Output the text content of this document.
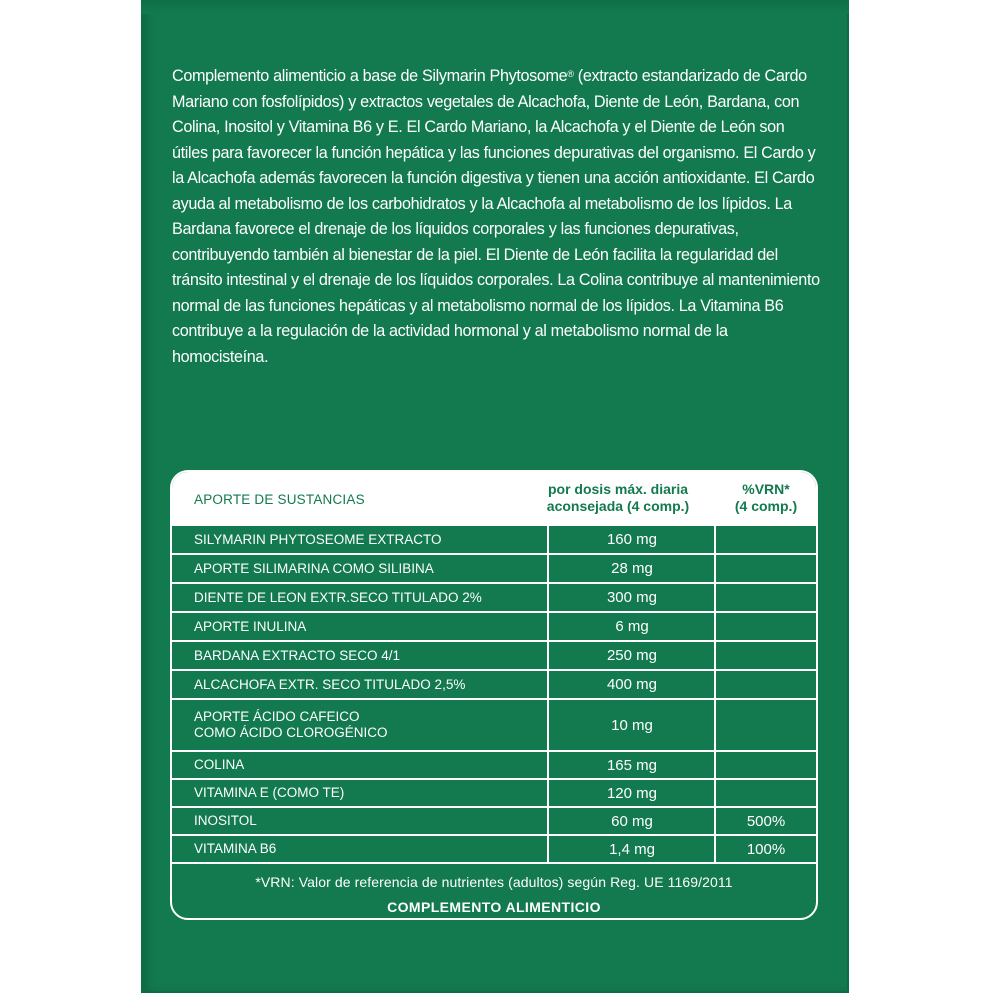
Complemento alimenticio a base de Silymarin Phytosome® (extracto estandarizado de Cardo Mariano con fosfolípidos) y extractos vegetales de Alcachofa, Diente de León, Bardana, con Colina, Inositol y Vitamina B6 y E. El Cardo Mariano, la Alcachofa y el Diente de León son útiles para favorecer la función hepática y las funciones depurativas del organismo. El Cardo y la Alcachofa además favorecen la función digestiva y tienen una acción antioxidante. El Cardo ayuda al metabolismo de los carbohidratos y la Alcachofa al metabolismo de los lípidos. La Bardana favorece el drenaje de los líquidos corporales y las funciones depurativas, contribuyendo también al bienestar de la piel. El Diente de León facilita la regularidad del tránsito intestinal y el drenaje de los líquidos corporales. La Colina contribuye al mantenimiento normal de las funciones hepáticas y al metabolismo normal de los lípidos. La Vitamina B6 contribuye a la regulación de la actividad hormonal y al metabolismo normal de la homocisteína.

APORTE DE SUSTANCIAS
por dosis máx. diaria
aconsejada (4 comp.)
%VRN*
(4 comp.)
SILYMARIN PHYTOSEOME EXTRACTO	160 mg
APORTE SILIMARINA COMO SILIBINA	28 mg
DIENTE DE LEON EXTR.SECO TITULADO 2%	300 mg
APORTE INULINA	6 mg
BARDANA EXTRACTO SECO 4/1	250 mg
ALCACHOFA EXTR. SECO TITULADO 2,5%	400 mg
APORTE ÁCIDO CAFEICO
COMO ÁCIDO CLOROGÉNICO	10 mg
COLINA	165 mg
VITAMINA E (COMO TE)	120 mg
INOSITOL	60 mg	500%
VITAMINA B6	1,4 mg	100%
*VRN: Valor de referencia de nutrientes (adultos) según Reg. UE 1169/2011
COMPLEMENTO ALIMENTICIO
